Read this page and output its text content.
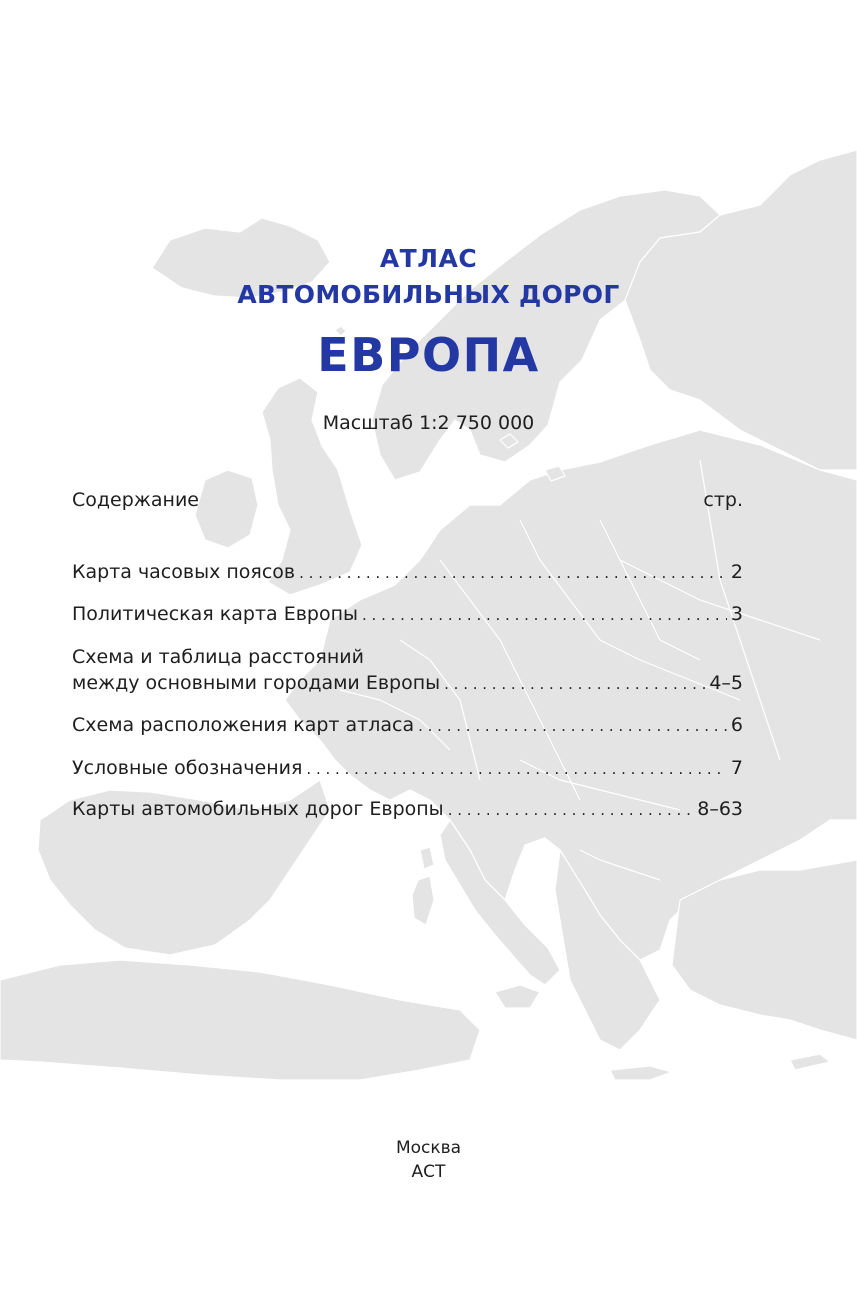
АТЛАС
АВТОМОБИЛЬНЫХ ДОРОГ
ЕВРОПА
Масштаб 1:2 750 000
Содержание	стр.
Карта часовых поясов . . .	2
Политическая карта Европы . . .	3
Схема и таблица расстояний
между основными городами Европы . . .	4–5
Схема расположения карт атласа . . .	6
Условные обозначения . . .	7
Карты автомобильных дорог Европы . . .	8–63
Москва
АСТ
